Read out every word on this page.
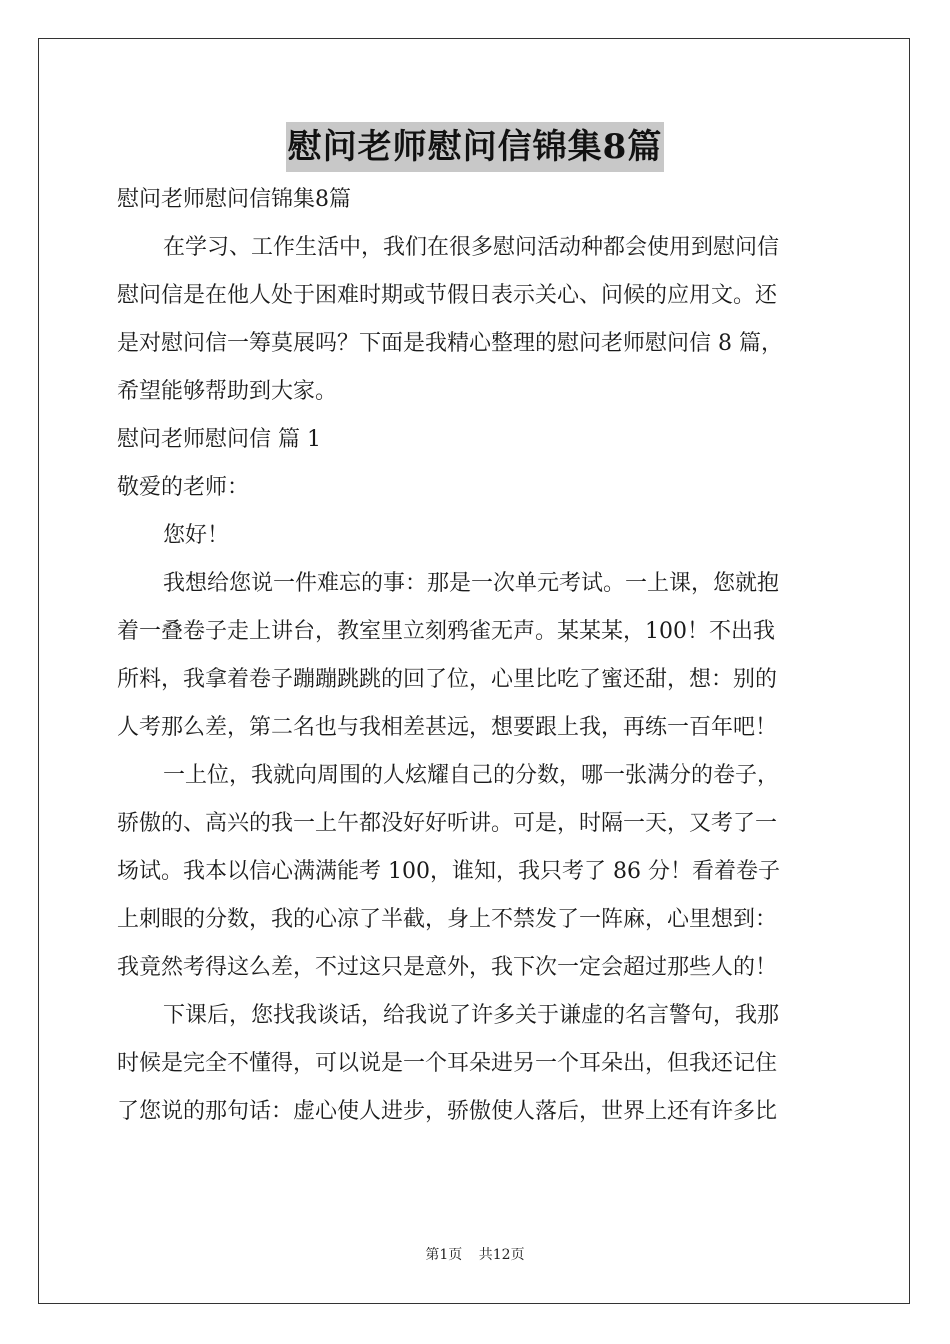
慰问老师慰问信锦集8篇
慰问老师慰问信锦集8篇
在学习、工作生活中，我们在很多慰问活动种都会使用到慰问信
慰问信是在他人处于困难时期或节假日表示关心、问候的应用文。还
是对慰问信一筹莫展吗？下面是我精心整理的慰问老师慰问信 8 篇，
希望能够帮助到大家。
慰问老师慰问信 篇 1
敬爱的老师：
您好！
我想给您说一件难忘的事：那是一次单元考试。一上课，您就抱
着一叠卷子走上讲台，教室里立刻鸦雀无声。某某某，100！不出我
所料，我拿着卷子蹦蹦跳跳的回了位，心里比吃了蜜还甜，想：别的
人考那么差，第二名也与我相差甚远，想要跟上我，再练一百年吧！
一上位，我就向周围的人炫耀自己的分数，哪一张满分的卷子，
骄傲的、高兴的我一上午都没好好听讲。可是，时隔一天，又考了一
场试。我本以信心满满能考 100，谁知，我只考了 86 分！看着卷子
上刺眼的分数，我的心凉了半截，身上不禁发了一阵麻，心里想到：
我竟然考得这么差，不过这只是意外，我下次一定会超过那些人的！
下课后，您找我谈话，给我说了许多关于谦虚的名言警句，我那
时候是完全不懂得，可以说是一个耳朵进另一个耳朵出，但我还记住
了您说的那句话：虚心使人进步，骄傲使人落后，世界上还有许多比
第1页 共12页
